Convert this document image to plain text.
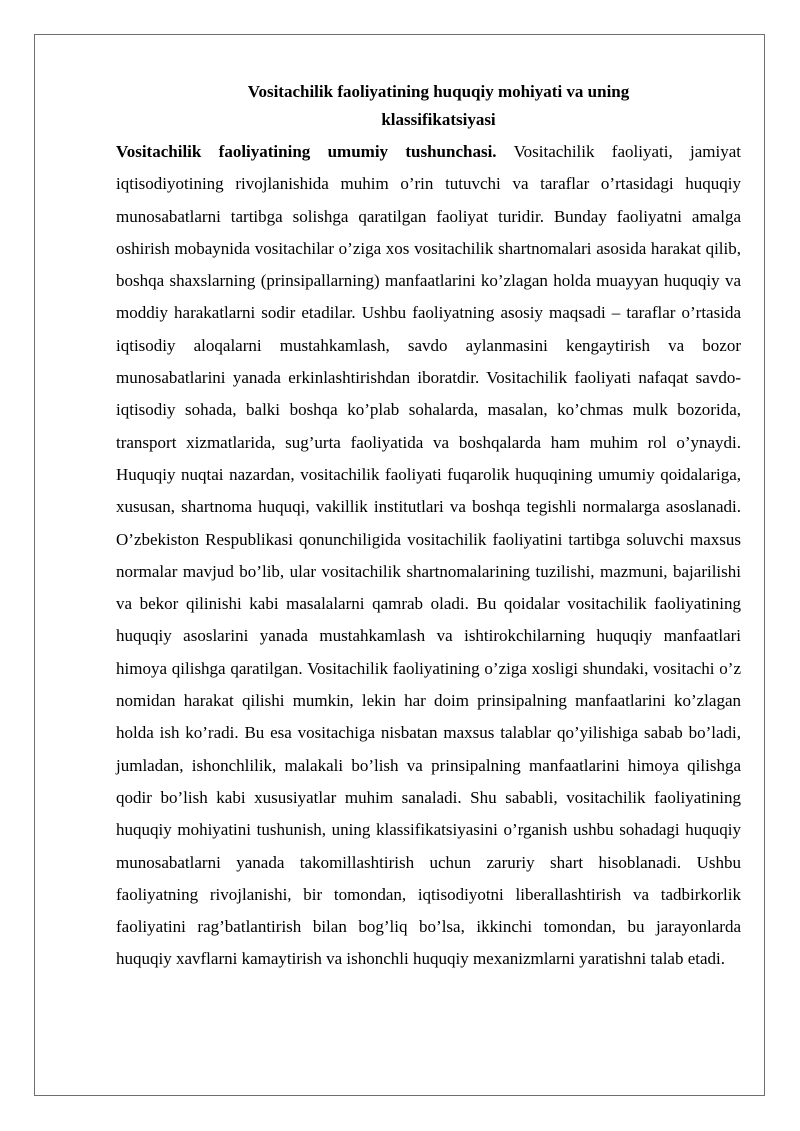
Vositachilik faoliyatining huquqiy mohiyati va uning
klassifikatsiyasi

Vositachilik faoliyatining umumiy tushunchasi. Vositachilik faoliyati, jamiyat iqtisodiyotining rivojlanishida muhim o’rin tutuvchi va taraflar o’rtasidagi huquqiy munosabatlarni tartibga solishga qaratilgan faoliyat turidir. Bunday faoliyatni amalga oshirish mobaynida vositachilar o’ziga xos vositachilik shartnomalari asosida harakat qilib, boshqa shaxslarning (prinsipallarning) manfaatlarini ko’zlagan holda muayyan huquqiy va moddiy harakatlarni sodir etadilar. Ushbu faoliyatning asosiy maqsadi – taraflar o’rtasida iqtisodiy aloqalarni mustahkamlash, savdo aylanmasini kengaytirish va bozor munosabatlarini yanada erkinlashtirishdan iboratdir. Vositachilik faoliyati nafaqat savdo-iqtisodiy sohada, balki boshqa ko’plab sohalarda, masalan, ko’chmas mulk bozorida, transport xizmatlarida, sug’urta faoliyatida va boshqalarda ham muhim rol o’ynaydi. Huquqiy nuqtai nazardan, vositachilik faoliyati fuqarolik huquqining umumiy qoidalariga, xususan, shartnoma huquqi, vakillik institutlari va boshqa tegishli normalarga asoslanadi. O’zbekiston Respublikasi qonunchiligida vositachilik faoliyatini tartibga soluvchi maxsus normalar mavjud bo’lib, ular vositachilik shartnomalarining tuzilishi, mazmuni, bajarilishi va bekor qilinishi kabi masalalarni qamrab oladi. Bu qoidalar vositachilik faoliyatining huquqiy asoslarini yanada mustahkamlash va ishtirokchilarning huquqiy manfaatlari himoya qilishga qaratilgan. Vositachilik faoliyatining o’ziga xosligi shundaki, vositachi o’z nomidan harakat qilishi mumkin, lekin har doim prinsipalning manfaatlarini ko’zlagan holda ish ko’radi. Bu esa vositachiga nisbatan maxsus talablar qo’yilishiga sabab bo’ladi, jumladan, ishonchlilik, malakali bo’lish va prinsipalning manfaatlarini himoya qilishga qodir bo’lish kabi xususiyatlar muhim sanaladi. Shu sababli, vositachilik faoliyatining huquqiy mohiyatini tushunish, uning klassifikatsiyasini o’rganish ushbu sohadagi huquqiy munosabatlarni yanada takomillashtirish uchun zaruriy shart hisoblanadi. Ushbu faoliyatning rivojlanishi, bir tomondan, iqtisodiyotni liberallashtirish va tadbirkorlik faoliyatini rag’batlantirish bilan bog’liq bo’lsa, ikkinchi tomondan, bu jarayonlarda huquqiy xavflarni kamaytirish va ishonchli huquqiy mexanizmlarni yaratishni talab etadi.
